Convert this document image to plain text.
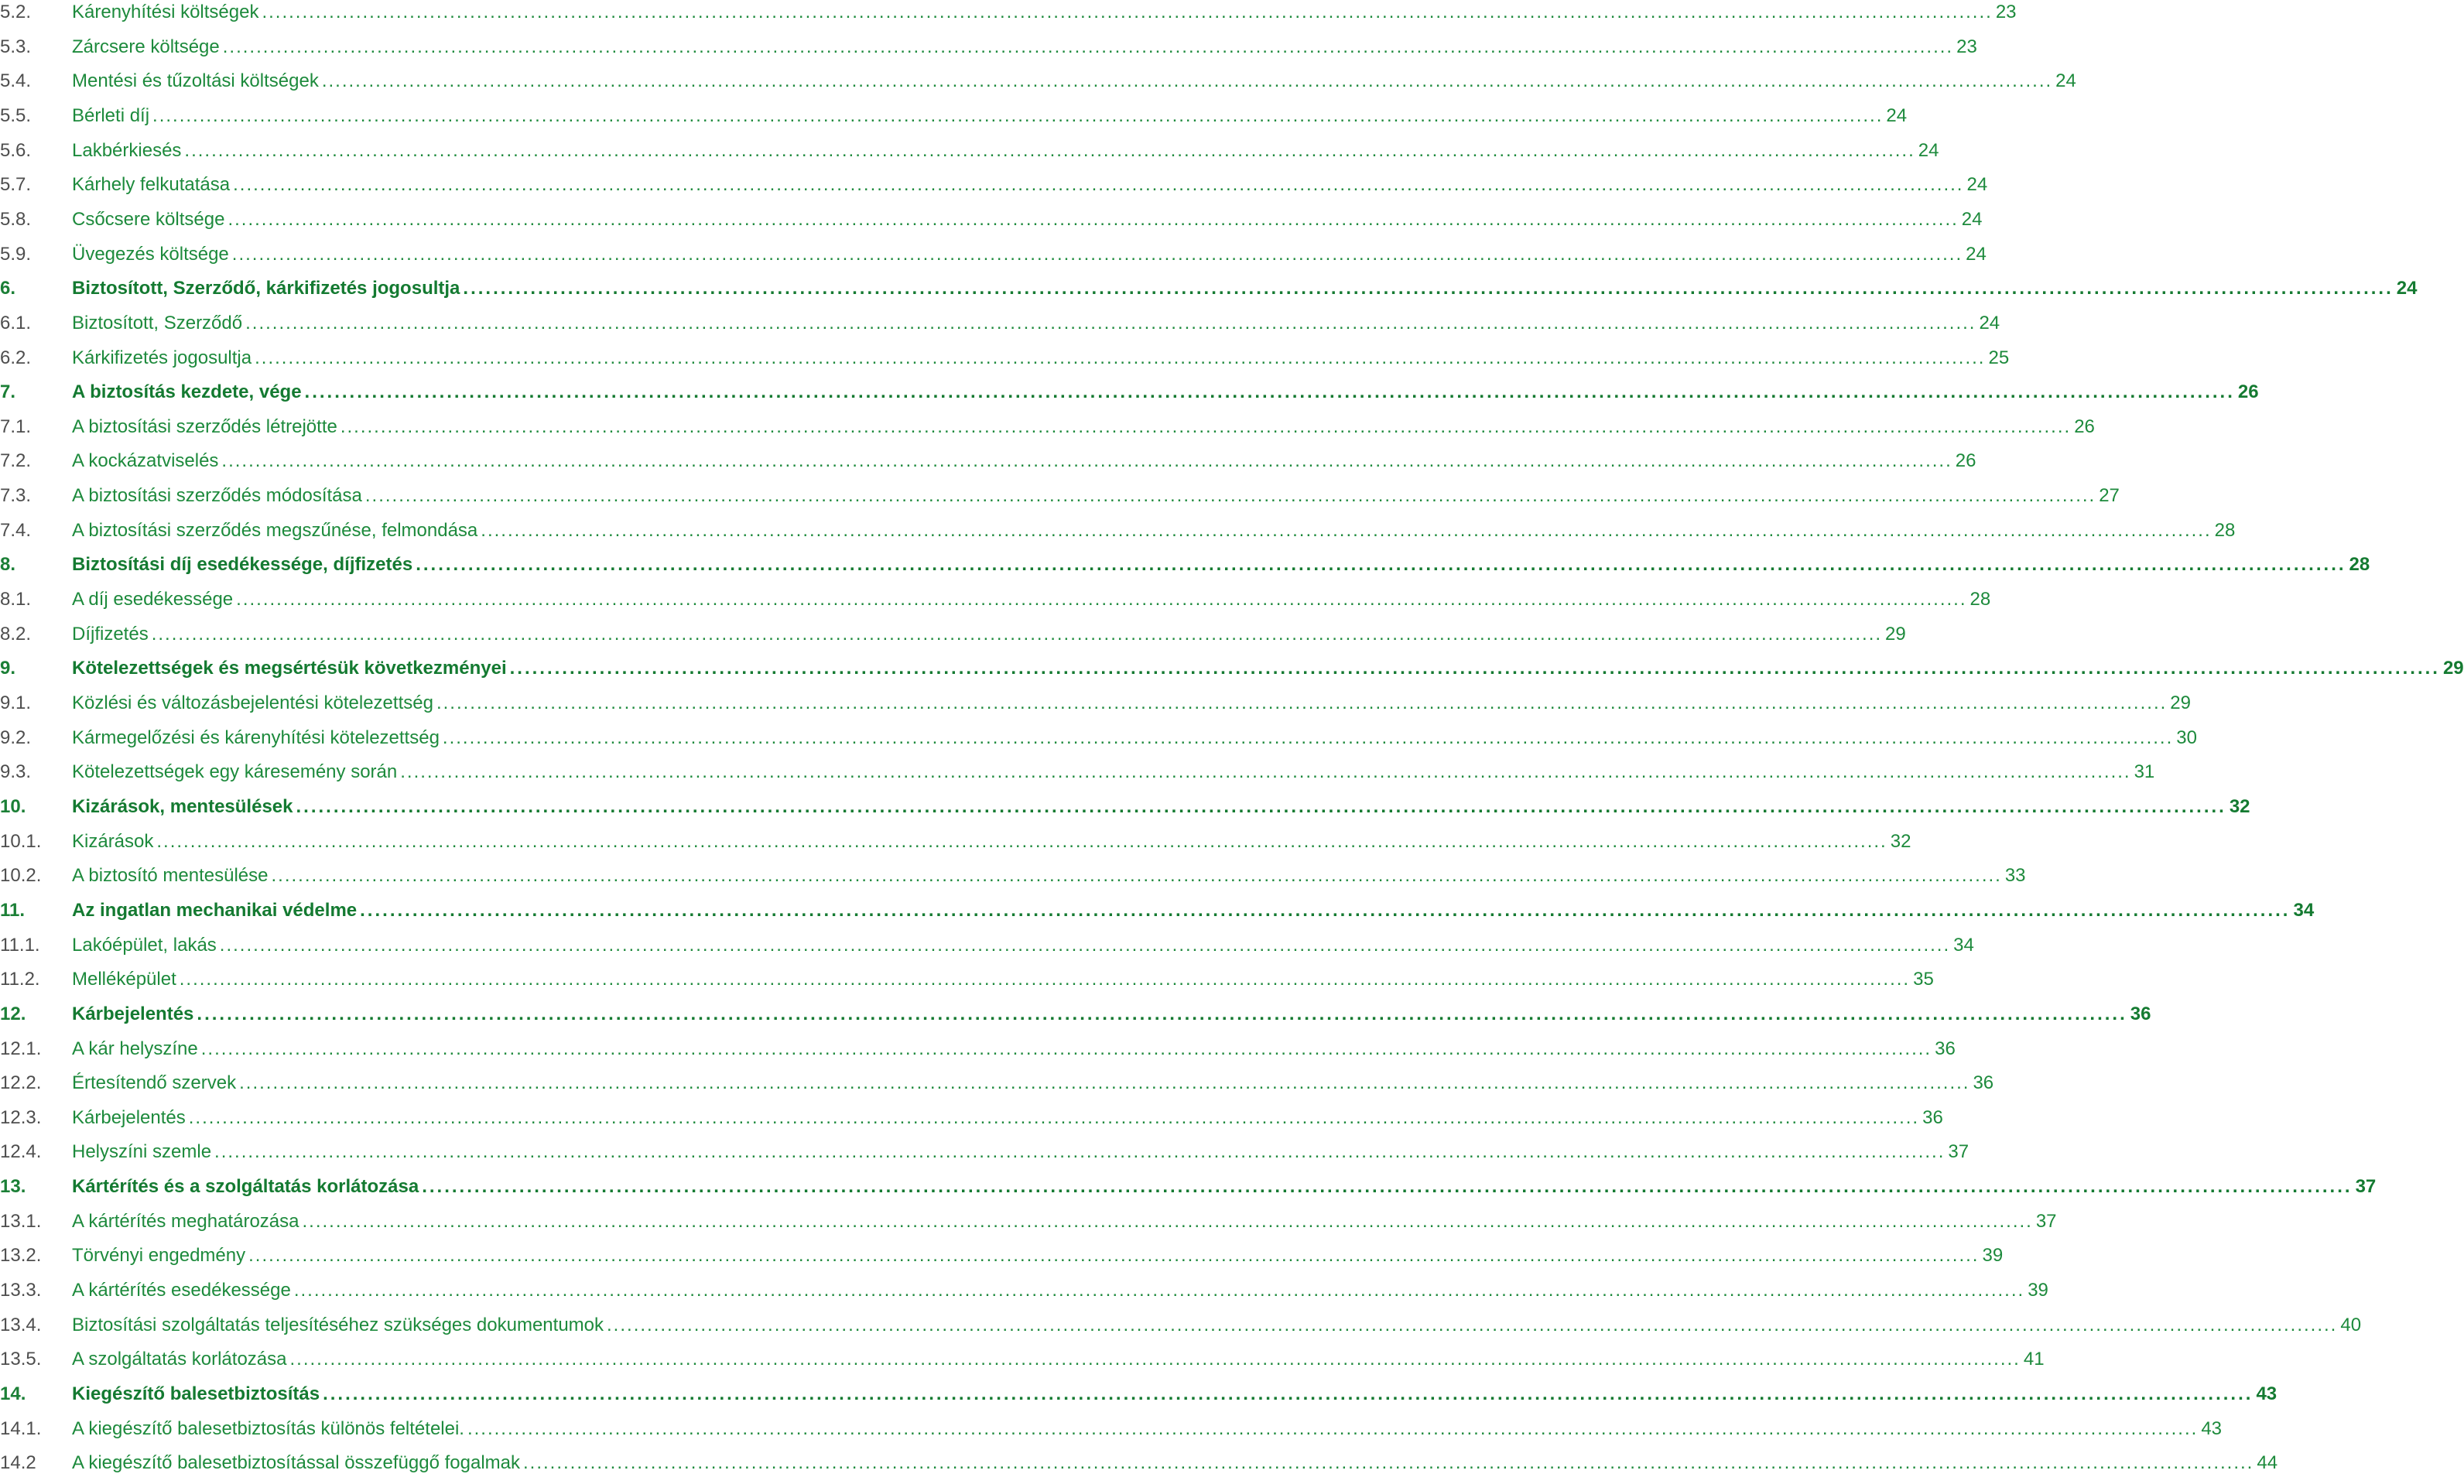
5.2.	Kárenyhítési költségek .................................................................................................................................................................................................................................................................. 23
5.3.	Zárcsere költsége .................................................................................................................................................................................................................................................................. 23
5.4.	Mentési és tűzoltási költségek .................................................................................................................................................................................................................................................................. 24
5.5.	Bérleti díj .................................................................................................................................................................................................................................................................. 24
5.6.	Lakbérkiesés .................................................................................................................................................................................................................................................................. 24
5.7.	Kárhely felkutatása .................................................................................................................................................................................................................................................................. 24
5.8.	Csőcsere költsége .................................................................................................................................................................................................................................................................. 24
5.9.	Üvegezés költsége .................................................................................................................................................................................................................................................................. 24
6.	Biztosított, Szerződő, kárkifizetés jogosultja .................................................................................................................................................................................................................................................................. 24
6.1.	Biztosított, Szerződő .................................................................................................................................................................................................................................................................. 24
6.2.	Kárkifizetés jogosultja .................................................................................................................................................................................................................................................................. 25
7.	A biztosítás kezdete, vége .................................................................................................................................................................................................................................................................. 26
7.1.	A biztosítási szerződés létrejötte .................................................................................................................................................................................................................................................................. 26
7.2.	A kockázatviselés .................................................................................................................................................................................................................................................................. 26
7.3.	A biztosítási szerződés módosítása .................................................................................................................................................................................................................................................................. 27
7.4.	A biztosítási szerződés megszűnése, felmondása .................................................................................................................................................................................................................................................................. 28
8.	Biztosítási díj esedékessége, díjfizetés .................................................................................................................................................................................................................................................................. 28
8.1.	A díj esedékessége .................................................................................................................................................................................................................................................................. 28
8.2.	Díjfizetés .................................................................................................................................................................................................................................................................. 29
9.	Kötelezettségek és megsértésük következményei .................................................................................................................................................................................................................................................................. 29
9.1.	Közlési és változásbejelentési kötelezettség .................................................................................................................................................................................................................................................................. 29
9.2.	Kármegelőzési és kárenyhítési kötelezettség .................................................................................................................................................................................................................................................................. 30
9.3.	Kötelezettségek egy káresemény során .................................................................................................................................................................................................................................................................. 31
10.	Kizárások, mentesülések .................................................................................................................................................................................................................................................................. 32
10.1.	Kizárások .................................................................................................................................................................................................................................................................. 32
10.2.	A biztosító mentesülése .................................................................................................................................................................................................................................................................. 33
11.	Az ingatlan mechanikai védelme .................................................................................................................................................................................................................................................................. 34
11.1.	Lakóépület, lakás .................................................................................................................................................................................................................................................................. 34
11.2.	Melléképület .................................................................................................................................................................................................................................................................. 35
12.	Kárbejelentés .................................................................................................................................................................................................................................................................. 36
12.1.	A kár helyszíne .................................................................................................................................................................................................................................................................. 36
12.2.	Értesítendő szervek .................................................................................................................................................................................................................................................................. 36
12.3.	Kárbejelentés .................................................................................................................................................................................................................................................................. 36
12.4.	Helyszíni szemle .................................................................................................................................................................................................................................................................. 37
13.	Kártérítés és a szolgáltatás korlátozása .................................................................................................................................................................................................................................................................. 37
13.1.	A kártérítés meghatározása .................................................................................................................................................................................................................................................................. 37
13.2.	Törvényi engedmény .................................................................................................................................................................................................................................................................. 39
13.3.	A kártérítés esedékessége .................................................................................................................................................................................................................................................................. 39
13.4.	Biztosítási szolgáltatás teljesítéséhez szükséges dokumentumok .................................................................................................................................................................................................................................................................. 40
13.5.	A szolgáltatás korlátozása .................................................................................................................................................................................................................................................................. 41
14.	Kiegészítő balesetbiztosítás .................................................................................................................................................................................................................................................................. 43
14.1.	A kiegészítő balesetbiztosítás különös feltételei. .................................................................................................................................................................................................................................................................. 43
14.2	A kiegészítő balesetbiztosítással összefüggő fogalmak .................................................................................................................................................................................................................................................................. 44
